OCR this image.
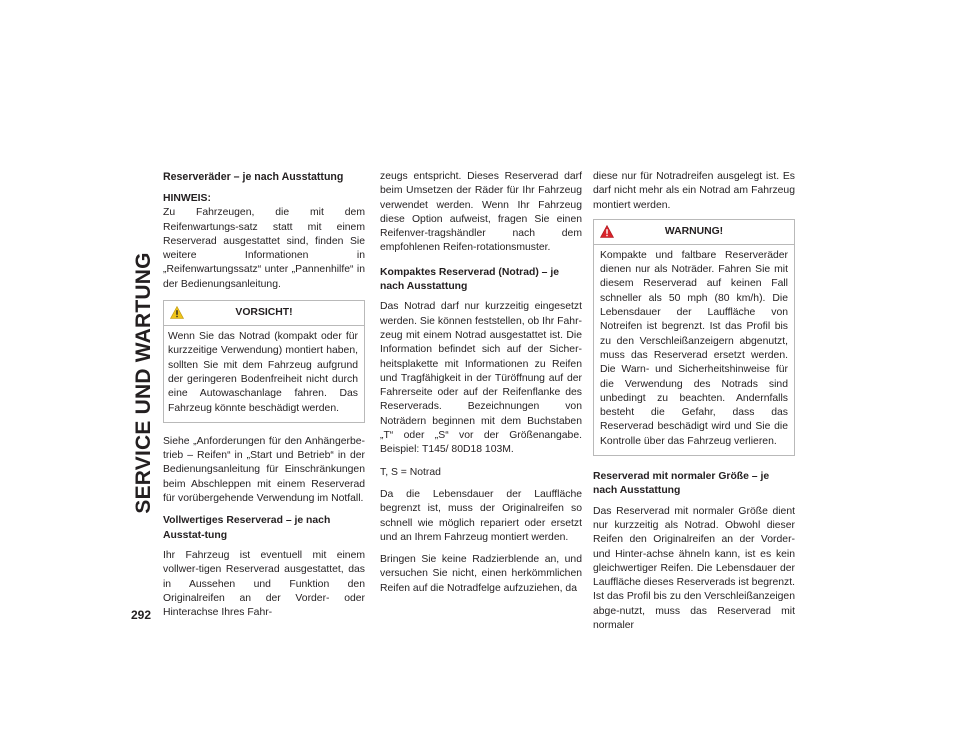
SERVICE UND WARTUNG
292
Reserveräder – je nach Ausstattung
HINWEIS:

Zu Fahrzeugen, die mit dem Reifenwartungs-satz statt mit einem Reserverad ausgestattet sind, finden Sie weitere Informationen in „Reifenwartungssatz“ unter „Pannenhilfe“ in der Bedienungsanleitung.

VORSICHT!
Wenn Sie das Notrad (kompakt oder für kurzzeitige Verwendung) montiert haben, sollten Sie mit dem Fahrzeug aufgrund der geringeren Bodenfreiheit nicht durch eine Autowaschanlage fahren. Das Fahrzeug könnte beschädigt werden.

Siehe „Anforderungen für den Anhängerbe-trieb – Reifen“ in „Start und Betrieb“ in der Bedienungsanleitung für Einschränkungen beim Abschleppen mit einem Reserverad für vorübergehende Verwendung im Notfall.

Vollwertiges Reserverad – je nach Ausstat-tung

Ihr Fahrzeug ist eventuell mit einem vollwer-tigen Reserverad ausgestattet, das in Aussehen und Funktion den Originalreifen an der Vorder- oder Hinterachse Ihres Fahr-

zeugs entspricht. Dieses Reserverad darf beim Umsetzen der Räder für Ihr Fahrzeug verwendet werden. Wenn Ihr Fahrzeug diese Option aufweist, fragen Sie einen Reifenver-tragshändler nach dem empfohlenen Reifen-rotationsmuster.

Kompaktes Reserverad (Notrad) – je nach Ausstattung

Das Notrad darf nur kurzzeitig eingesetzt werden. Sie können feststellen, ob Ihr Fahr-zeug mit einem Notrad ausgestattet ist. Die Information befindet sich auf der Sicher-heitsplakette mit Informationen zu Reifen und Tragfähigkeit in der Türöffnung auf der Fahrerseite oder auf der Reifenflanke des Reserverads. Bezeichnungen von Noträdern beginnen mit dem Buchstaben „T“ oder „S“ vor der Größenangabe. Beispiel: T145/ 80D18 103M.

T, S = Notrad

Da die Lebensdauer der Lauffläche begrenzt ist, muss der Originalreifen so schnell wie möglich repariert oder ersetzt und an Ihrem Fahrzeug montiert werden.

Bringen Sie keine Radzierblende an, und versuchen Sie nicht, einen herkömmlichen Reifen auf die Notradfelge aufzuziehen, da

diese nur für Notradreifen ausgelegt ist. Es darf nicht mehr als ein Notrad am Fahrzeug montiert werden.

WARNUNG!
Kompakte und faltbare Reserveräder dienen nur als Noträder. Fahren Sie mit diesem Reserverad auf keinen Fall schneller als 50 mph (80 km/h). Die Lebensdauer der Lauffläche von Notreifen ist begrenzt. Ist das Profil bis zu den Verschleißanzeigern abgenutzt, muss das Reserverad ersetzt werden. Die Warn- und Sicherheitshinweise für die Verwendung des Notrads sind unbedingt zu beachten. Andernfalls besteht die Gefahr, dass das Reserverad beschädigt wird und Sie die Kontrolle über das Fahrzeug verlieren.
Reserverad mit normaler Größe – je nach Ausstattung

Das Reserverad mit normaler Größe dient nur kurzzeitig als Notrad. Obwohl dieser Reifen den Originalreifen an der Vorder- und Hinter-achse ähneln kann, ist es kein gleichwertiger Reifen. Die Lebensdauer der Lauffläche dieses Reserverads ist begrenzt. Ist das Profil bis zu den Verschleißanzeigen abge-nutzt, muss das Reserverad mit normaler
